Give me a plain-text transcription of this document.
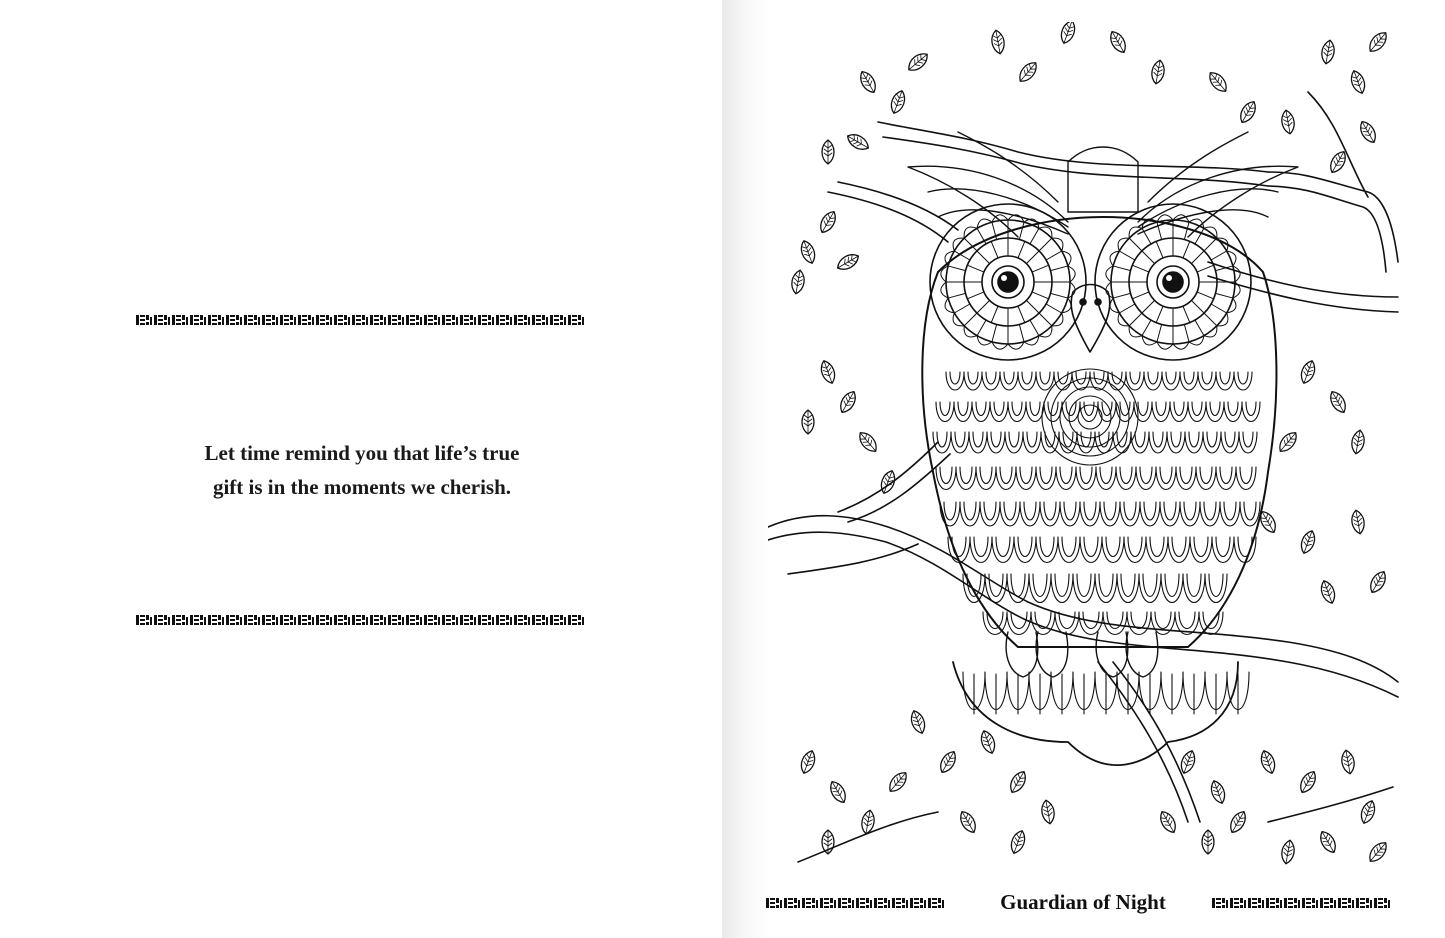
Let time remind you that life’s true
gift is in the moments we cherish.
Guardian of Night
